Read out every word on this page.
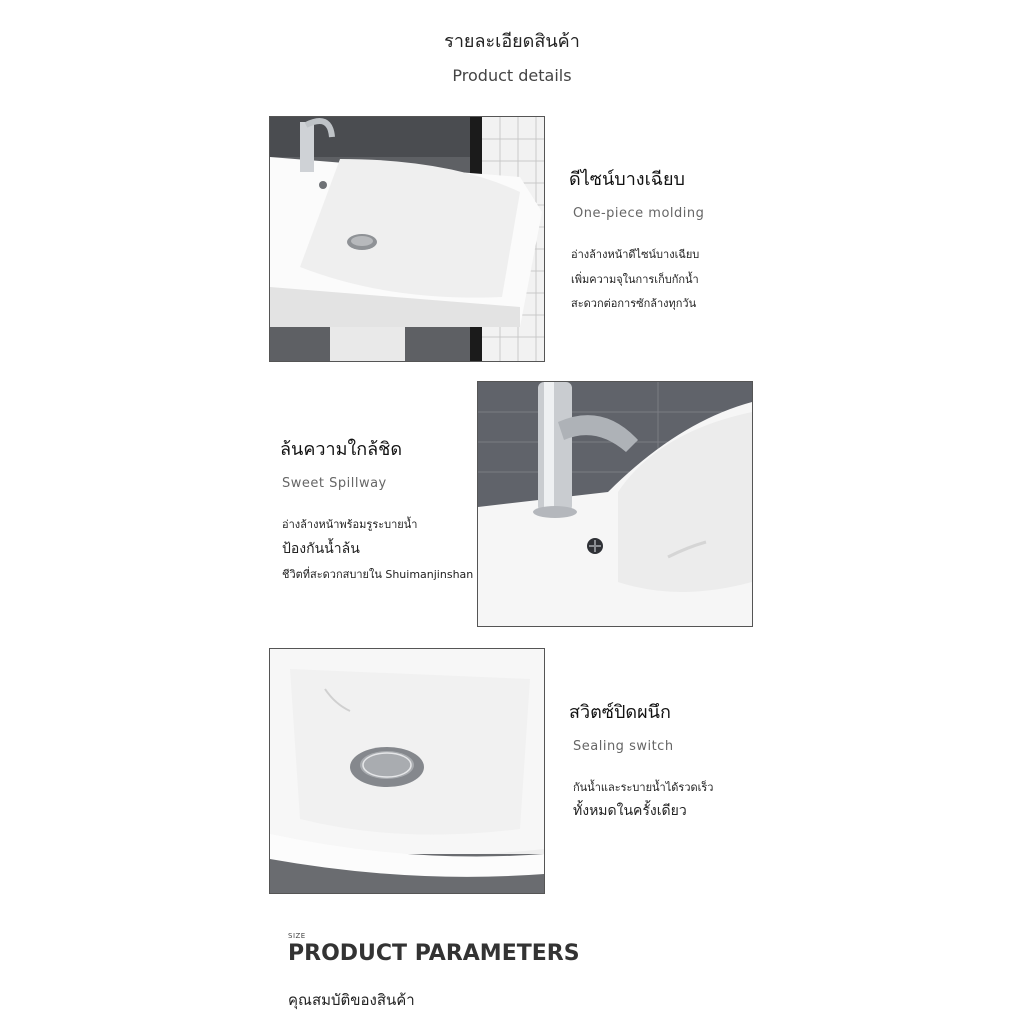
รายละเอียดสินค้า
Product details
ดีไซน์บางเฉียบ
One-piece molding
อ่างล้างหน้าดีไซน์บางเฉียบ
เพิ่มความจุในการเก็บกักน้ำ
สะดวกต่อการซักล้างทุกวัน
ล้นความใกล้ชิด
Sweet Spillway
อ่างล้างหน้าพร้อมรูระบายน้ำ
ป้องกันน้ำล้น
ชีวิตที่สะดวกสบายใน Shuimanjinshan
สวิตซ์ปิดผนึก
Sealing switch
กันน้ำและระบายน้ำได้รวดเร็ว
ทั้งหมดในครั้งเดียว
SIZE
PRODUCT PARAMETERS
คุณสมบัติของสินค้า
